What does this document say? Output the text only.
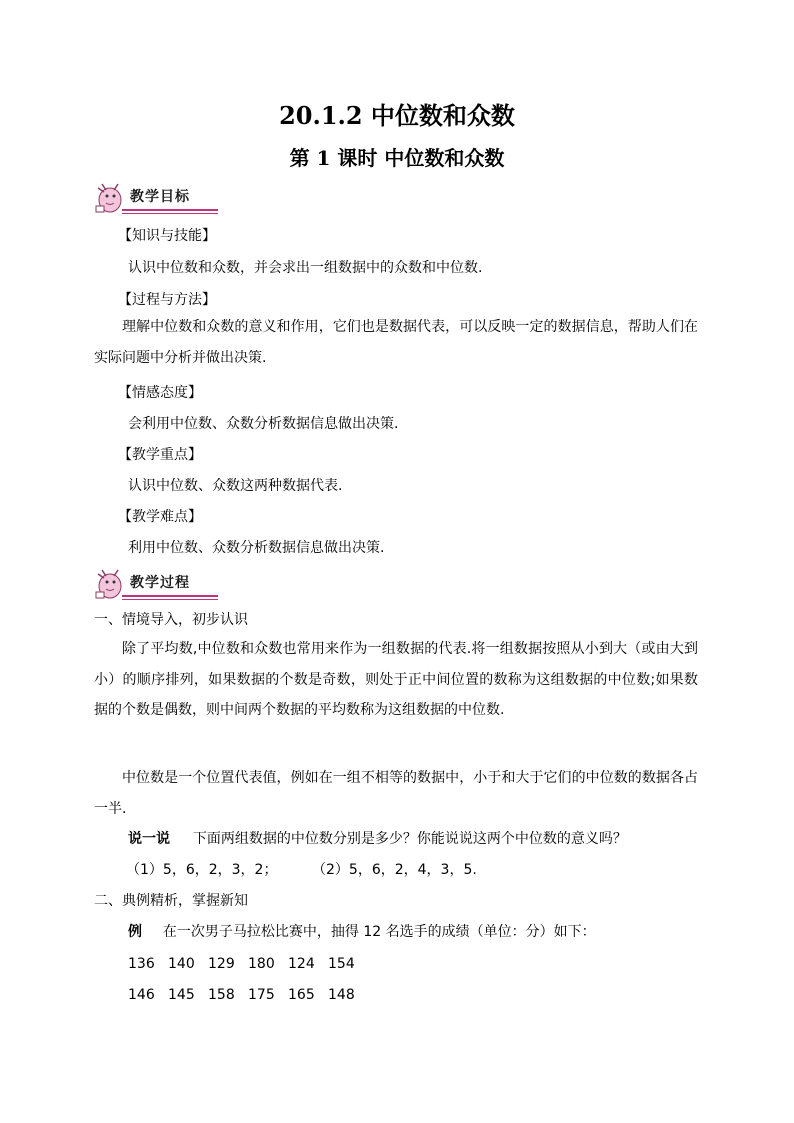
20.1.2 中位数和众数
第 1 课时 中位数和众数
教学目标
【知识与技能】
认识中位数和众数，并会求出一组数据中的众数和中位数.
【过程与方法】
理解中位数和众数的意义和作用，它们也是数据代表，可以反映一定的数据信息，帮助人们在实际问题中分析并做出决策.
【情感态度】
会利用中位数、众数分析数据信息做出决策.
【教学重点】
认识中位数、众数这两种数据代表.
【教学难点】
利用中位数、众数分析数据信息做出决策.
教学过程
一、情境导入，初步认识
除了平均数,中位数和众数也常用来作为一组数据的代表.将一组数据按照从小到大（或由大到小）的顺序排列，如果数据的个数是奇数，则处于正中间位置的数称为这组数据的中位数;如果数据的个数是偶数，则中间两个数据的平均数称为这组数据的中位数.
中位数是一个位置代表值，例如在一组不相等的数据中，小于和大于它们的中位数的数据各占一半.
说一说 下面两组数据的中位数分别是多少？你能说说这两个中位数的意义吗？
（1）5，6，2，3，2； （2）5，6，2，4，3，5.
二、典例精析，掌握新知
例 在一次男子马拉松比赛中，抽得 12 名选手的成绩（单位：分）如下：
136 140 129 180 124 154
146 145 158 175 165 148
